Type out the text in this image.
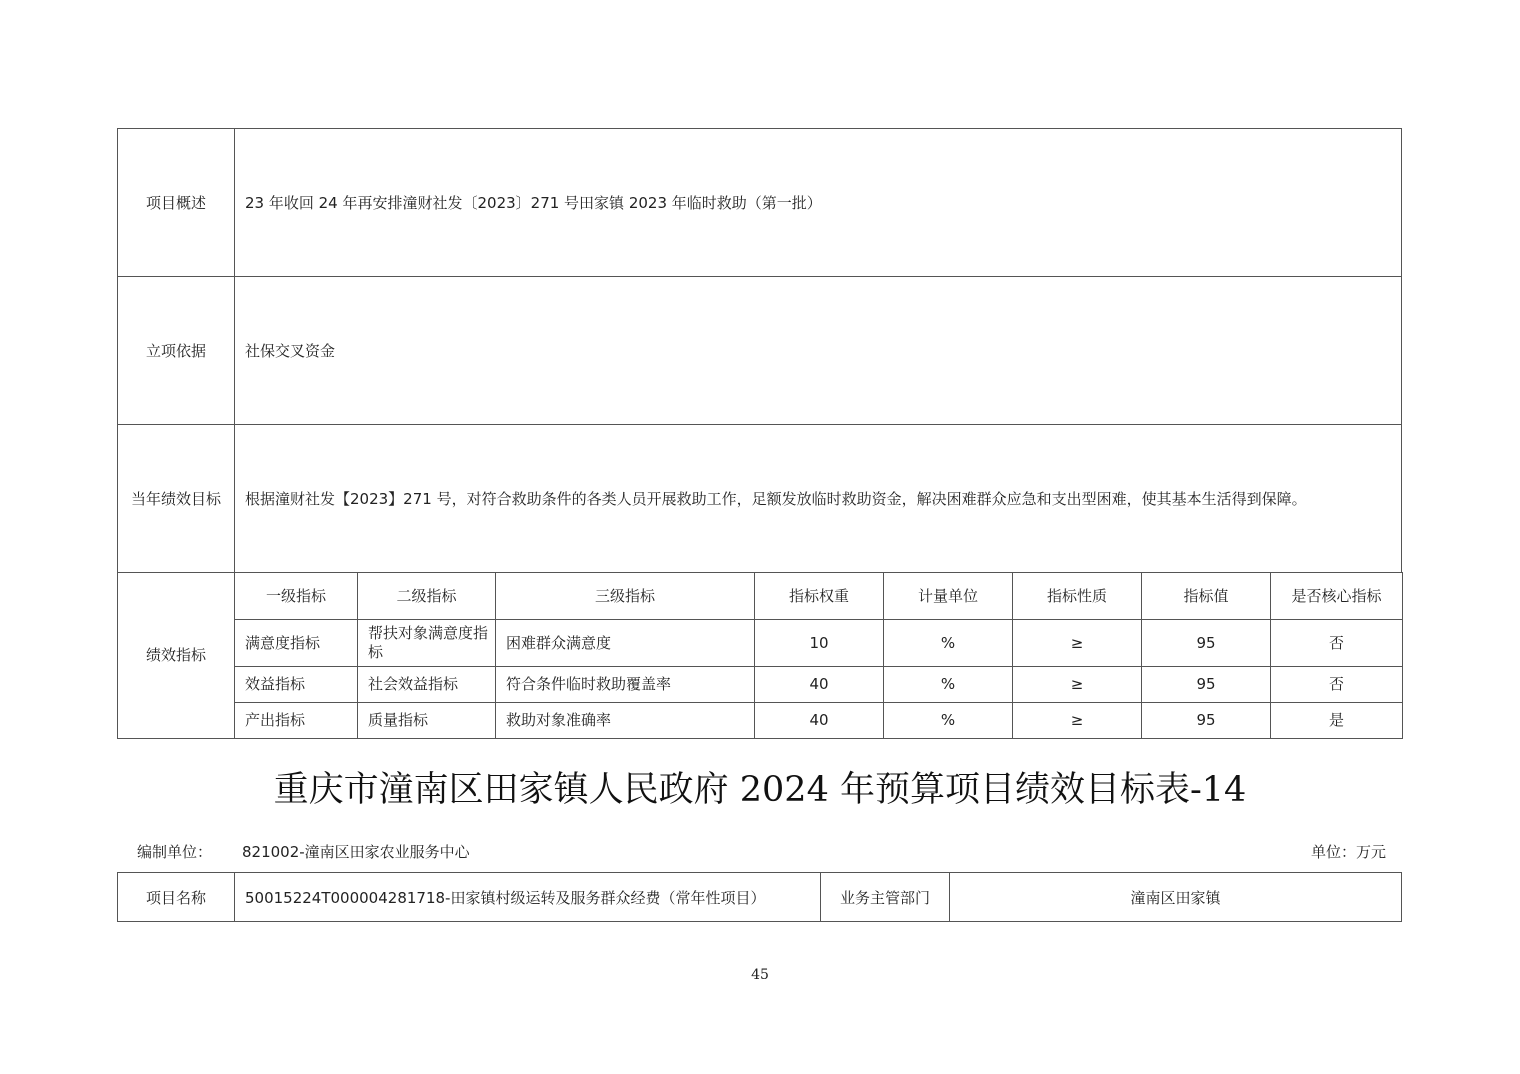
项目概述	23 年收回 24 年再安排潼财社发〔2023〕271 号田家镇 2023 年临时救助（第一批）
立项依据	社保交叉资金
当年绩效目标	根据潼财社发【2023】271 号，对符合救助条件的各类人员开展救助工作，足额发放临时救助资金，解决困难群众应急和支出型困难，使其基本生活得到保障。
绩效指标	一级指标	二级指标	三级指标	指标权重	计量单位	指标性质	指标值	是否核心指标
	满意度指标	帮扶对象满意度指标	困难群众满意度	10	%	≥	95	否
	效益指标	社会效益指标	符合条件临时救助覆盖率	40	%	≥	95	否
	产出指标	质量指标	救助对象准确率	40	%	≥	95	是
重庆市潼南区田家镇人民政府 2024 年预算项目绩效目标表-14
编制单位： 821002-潼南区田家农业服务中心	单位：万元
项目名称	50015224T000004281718-田家镇村级运转及服务群众经费（常年性项目）	业务主管部门	潼南区田家镇
45
